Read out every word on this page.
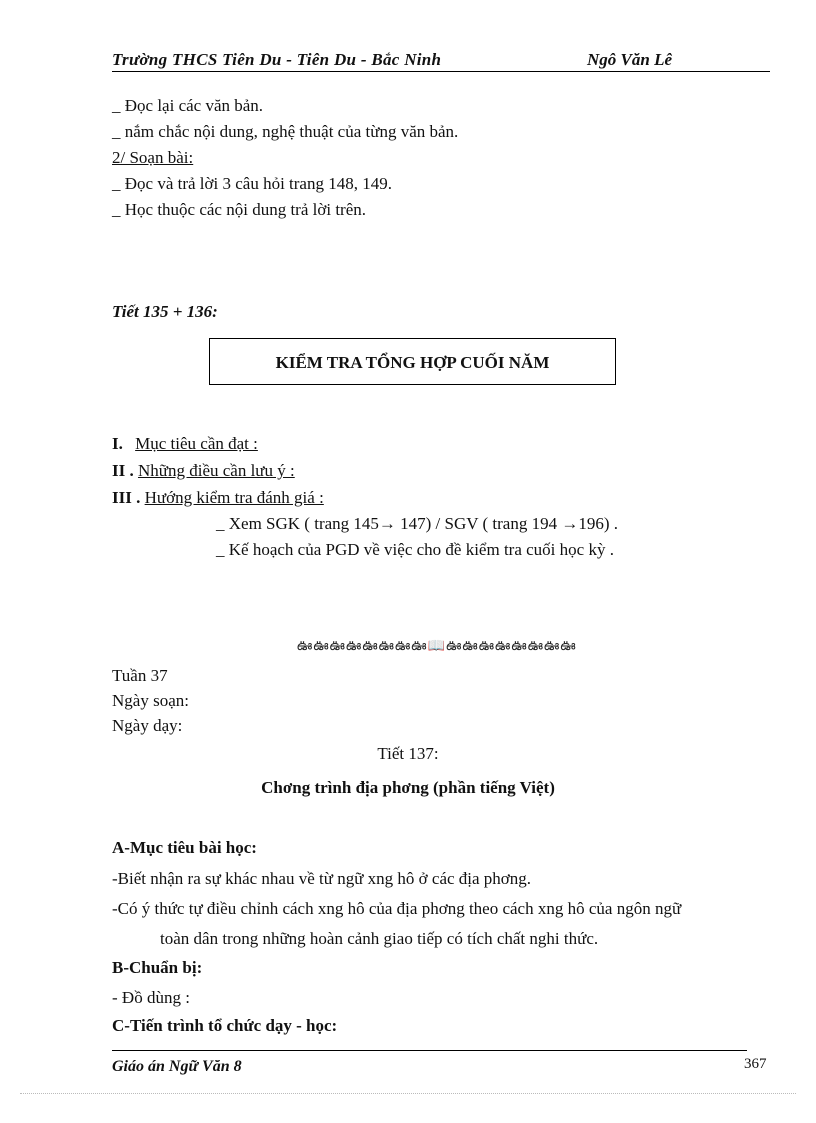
Trường THCS Tiên Du - Tiên Du - Bắc Ninh	Ngô Văn Lê
_ Đọc lại các văn bản.
_ nắm chắc nội dung, nghệ thuật của từng văn bản.
2/ Soạn bài:
_ Đọc và trả lời 3 câu hỏi trang 148, 149.
_ Học thuộc các nội dung trả lời trên.
Tiết 135 + 136:
KIỂM TRA TỔNG HỢP CUỐI NĂM
I. Mục tiêu cần đạt :
II . Những điều cần lưu ý :
III . Hướng kiểm tra đánh giá :
_ Xem SGK ( trang 145→ 147) / SGV ( trang 194 →196) .
_ Kế hoạch của PGD về việc cho đề kiểm tra cuối học kỳ .
ఊఊఊఊఊఊఊఊ📖ఊఊఊఊఊఊఊఊ
Tuần 37
Ngày soạn:
Ngày dạy:
Tiết 137:
Chơng trình địa phơng (phần tiếng Việt)
A-Mục tiêu bài học:
-Biết nhận ra sự khác nhau về từ ngữ xng hô ở các địa phơng.
-Có ý thức tự điều chỉnh cách xng hô của địa phơng theo cách xng hô của ngôn ngữ
toàn dân trong những hoàn cảnh giao tiếp có tích chất nghi thức.
B-Chuẩn bị:
- Đồ dùng :
C-Tiến trình tổ chức dạy - học:
Giáo án Ngữ Văn 8	367
